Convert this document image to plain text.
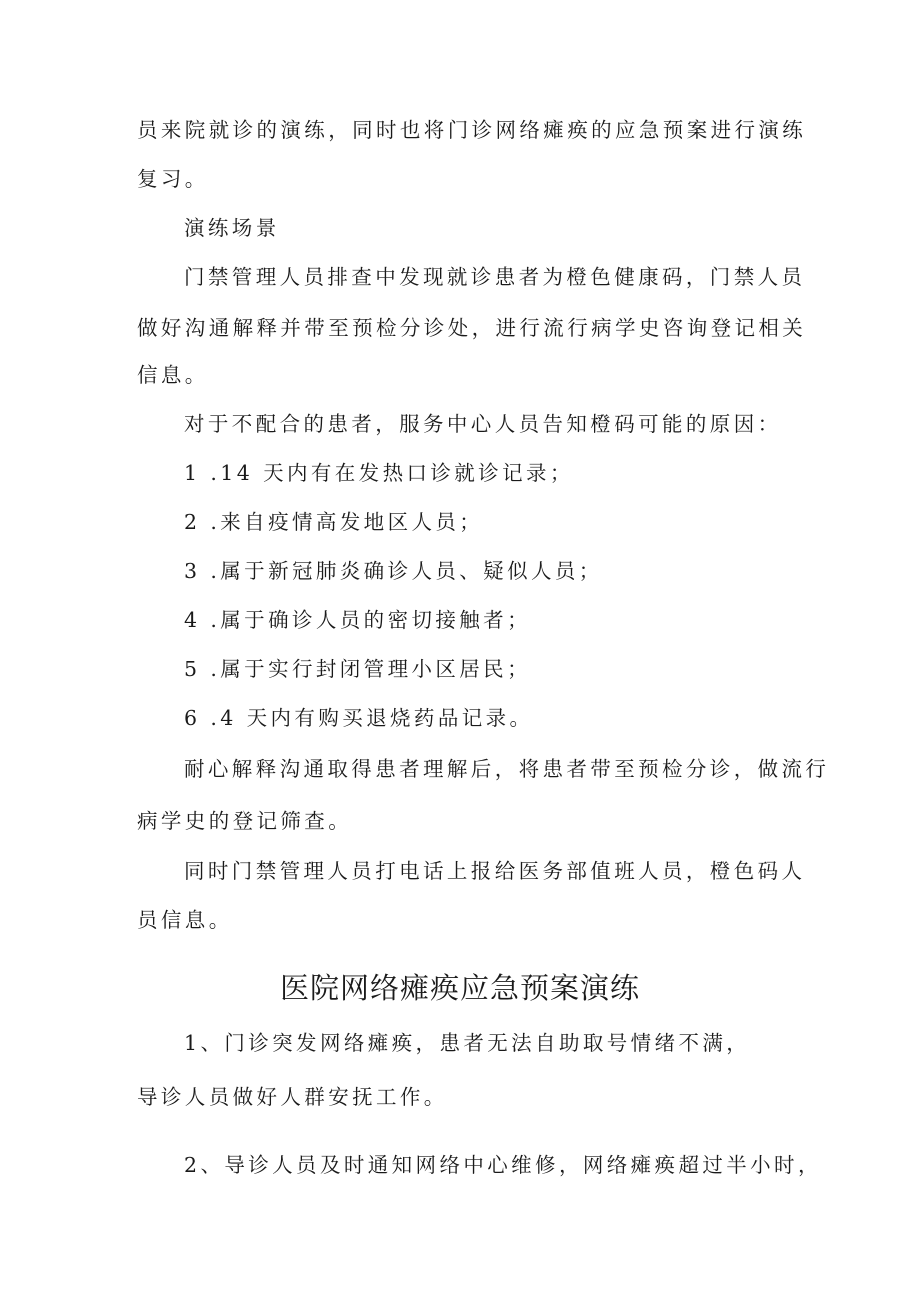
员来院就诊的演练，同时也将门诊网络瘫痪的应急预案进行演练
复习。
演练场景
门禁管理人员排查中发现就诊患者为橙色健康码，门禁人员
做好沟通解释并带至预检分诊处，进行流行病学史咨询登记相关
信息。
对于不配合的患者，服务中心人员告知橙码可能的原因：
1 .14 天内有在发热口诊就诊记录；
2 .来自疫情高发地区人员；
3 .属于新冠肺炎确诊人员、疑似人员；
4 .属于确诊人员的密切接触者；
5 .属于实行封闭管理小区居民；
6 .4 天内有购买退烧药品记录。
耐心解释沟通取得患者理解后，将患者带至预检分诊，做流行
病学史的登记筛查。
同时门禁管理人员打电话上报给医务部值班人员，橙色码人
员信息。
医院网络瘫痪应急预案演练
1、门诊突发网络瘫痪，患者无法自助取号情绪不满，
导诊人员做好人群安抚工作。
2、导诊人员及时通知网络中心维修，网络瘫痪超过半小时，
